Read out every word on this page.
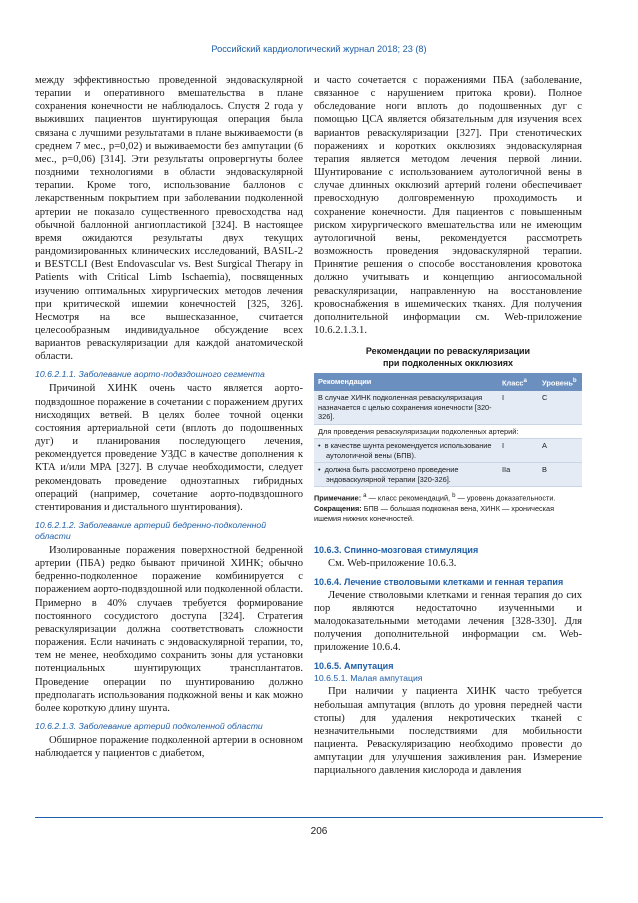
Российский кардиологический журнал 2018; 23 (8)

между эффективностью проведенной эндоваскулярной терапии и оперативного вмешательства в плане сохранения конечности не наблюдалось. Спустя 2 года у выживших пациентов шунтирующая операция была связана с лучшими результатами в плане выживаемости (в среднем 7 мес., p=0,02) и выживаемости без ампутации (6 мес., p=0,06) [314]. Эти результаты опровергнуты более поздними технологиями в области эндоваскулярной терапии. Кроме того, использование баллонов с лекарственным покрытием при заболевании подколенной артерии не показало существенного превосходства над обычной баллонной ангиопластикой [324]. В настоящее время ожидаются результаты двух текущих рандомизированных клинических исследований, BASIL-2 и BESTCLI (Best Endovascular vs. Best Surgical Therapy in Patients with Critical Limb Ischaemia), посвященных изучению оптимальных хирургических методов лечения при критической ишемии конечностей [325, 326]. Несмотря на все вышесказанное, считается целесообразным индивидуальное обсуждение всех вариантов реваскуляризации для каждой анатомической области.

10.6.2.1.1. Заболевание аорто-подвздошного сегмента

Причиной ХИНК очень часто является аорто-подвздошное поражение в сочетании с поражением других нисходящих ветвей. В целях более точной оценки состояния артериальной сети (вплоть до подошвенных дуг) и планирования последующего лечения, рекомендуется проведение УЗДС в качестве дополнения к КТА и/или МРА [327]. В случае необходимости, следует рекомендовать проведение одноэтапных гибридных операций (например, сочетание аорто-подвздошного стентирования и дистального шунтирования).

10.6.2.1.2. Заболевание артерий бедренно-подколенной области

Изолированные поражения поверхностной бедренной артерии (ПБА) редко бывают причиной ХИНК; обычно бедренно-подколенное поражение комбинируется с поражением аорто-подвздошной или подколенной области. Примерно в 40% случаев требуется формирование постоянного сосудистого доступа [324]. Стратегия реваскуляризации должна соответствовать сложности поражения. Если начинать с эндоваскулярной терапии, то, тем не менее, необходимо сохранить зоны для установки потенциальных шунтирующих трансплантатов. Проведение операции по шунтированию должно предполагать использования подкожной вены и как можно более короткую длину шунта.

10.6.2.1.3. Заболевание артерий подколенной области

Обширное поражение подколенной артерии в основном наблюдается у пациентов с диабетом,

и часто сочетается с поражениями ПБА (заболевание, связанное с нарушением притока крови). Полное обследование ноги вплоть до подошвенных дуг с помощью ЦСА является обязательным для изучения всех вариантов реваскуляризации [327]. При стенотических поражениях и коротких окклюзиях эндоваскулярная терапия является методом лечения первой линии. Шунтирование с использованием аутологичной вены в случае длинных окклюзий артерий голени обеспечивает превосходную долговременную проходимость и сохранение конечности. Для пациентов с повышенным риском хирургического вмешательства или не имеющим аутологичной вены, рекомендуется рассмотреть возможность проведения эндоваскулярной терапии. Принятие решения о способе восстановления кровотока должно учитывать и концепцию ангиосомальной реваскуляризации, направленную на восстановление кровоснабжения в ишемических тканях. Для получения дополнительной информации см. Web-приложение 10.6.2.1.3.1.

Рекомендации по реваскуляризации
при подколенных окклюзиях
Рекомендации	Класс$^a$	Уровень$^b$
В случае ХИНК подколенная реваскуляризация назначается с целью сохранения конечности [320-326].	I	C
Для проведения реваскуляризации подколенных артерий:		
• в качестве шунта рекомендуется использование аутологичной вены (БПВ).	I	A
• должна быть рассмотрено проведение эндоваскулярной терапии [320-326].	IIa	B
Примечание: $^a$ — класс рекомендаций, $^b$ — уровень доказательности.
Сокращения: БПВ — большая подкожная вена, ХИНК — хроническая ишемия нижних конечностей.
10.6.3. Спинно-мозговая стимуляция

См. Web-приложение 10.6.3.

10.6.4. Лечение стволовыми клетками и генная терапия

Лечение стволовыми клетками и генная терапия до сих пор являются недостаточно изученными и малодоказательными методами лечения [328-330]. Для получения дополнительной информации см. Web-приложение 10.6.4.

10.6.5. Ампутация
10.6.5.1. Малая ампутация

При наличии у пациента ХИНК часто требуется небольшая ампутация (вплоть до уровня передней части стопы) для удаления некротических тканей с незначительными последствиями для мобильности пациента. Реваскуляризацию необходимо провести до ампутации для улучшения заживления ран. Измерение парциального давления кислорода и давления

206
